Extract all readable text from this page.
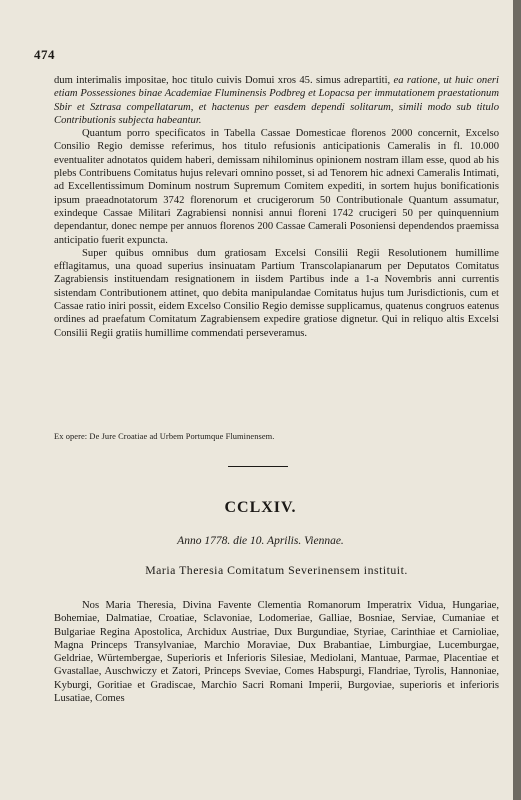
474

dum interimalis impositae, hoc titulo cuivis Domui xros 45. simus adrepartiti, ea ratione, ut huic oneri etiam Possessiones binae Academiae Fluminensis Podbreg et Lopacsa per immutationem praestationum Sbir et Sztrasa compellatarum, et hactenus per easdem dependi solitarum, simili modo sub titulo Contributionis subjecta habeantur.

Quantum porro specificatos in Tabella Cassae Domesticae florenos 2000 concernit, Excelso Consilio Regio demisse referimus, hos titulo refusionis anticipationis Cameralis in fl. 10.000 eventualiter adnotatos quidem haberi, demissam nihilominus opinionem nostram illam esse, quod ab his plebs Contribuens Comitatus hujus relevari omnino posset, si ad Tenorem hic adnexi Cameralis Intimati, ad Excellentissimum Dominum nostrum Supremum Comitem expediti, in sortem hujus bonificationis ipsum praeadnotatorum 3742 florenorum et crucigerorum 50 Contributionale Quantum assumatur, exindeque Cassae Militari Zagrabiensi nonnisi annui floreni 1742 crucigeri 50 per quinquennium dependantur, donec nempe per annuos florenos 200 Cassae Camerali Posoniensi dependendos praemissa anticipatio fuerit expuncta.

Super quibus omnibus dum gratiosam Excelsi Consilii Regii Resolutionem humillime efflagitamus, una quoad superius insinuatam Partium Transcolapianarum per Deputatos Comitatus Zagrabiensis instituendam resignationem in iisdem Partibus inde a 1-a Novembris anni currentis sistendam Contributionem attinet, quo debita manipulandae Comitatus hujus tum Jurisdictionis, cum et Cassae ratio iniri possit, eidem Excelso Consilio Regio demisse supplicamus, quatenus congruos eatenus ordines ad praefatum Comitatum Zagrabiensem expedire gratiose dignetur. Qui in reliquo altis Excelsi Consilii Regii gratiis humillime commendati perseveramus.

Ex opere: De Jure Croatiae ad Urbem Portumque Fluminensem.
CCLXIV.
Anno 1778. die 10. Aprilis. Viennae.
Maria Theresia Comitatum Severinensem instituit.

Nos Maria Theresia, Divina Favente Clementia Romanorum Imperatrix Vidua, Hungariae, Bohemiae, Dalmatiae, Croatiae, Sclavoniae, Lodomeriae, Galliae, Bosniae, Serviae, Cumaniae et Bulgariae Regina Apostolica, Archidux Austriae, Dux Burgundiae, Styriae, Carinthiae et Carnioliae, Magna Princeps Transylvaniae, Marchio Moraviae, Dux Brabantiae, Limburgiae, Lucemburgae, Geldriae, Würtembergae, Superioris et Inferioris Silesiae, Mediolani, Mantuae, Parmae, Placentiae et Gvastallae, Auschwiczy et Zatori, Princeps Sveviae, Comes Habspurgi, Flandriae, Tyrolis, Hannoniae, Kyburgi, Goritiae et Gradiscae, Marchio Sacri Romani Imperii, Burgoviae, superioris et inferioris Lusatiae, Comes
